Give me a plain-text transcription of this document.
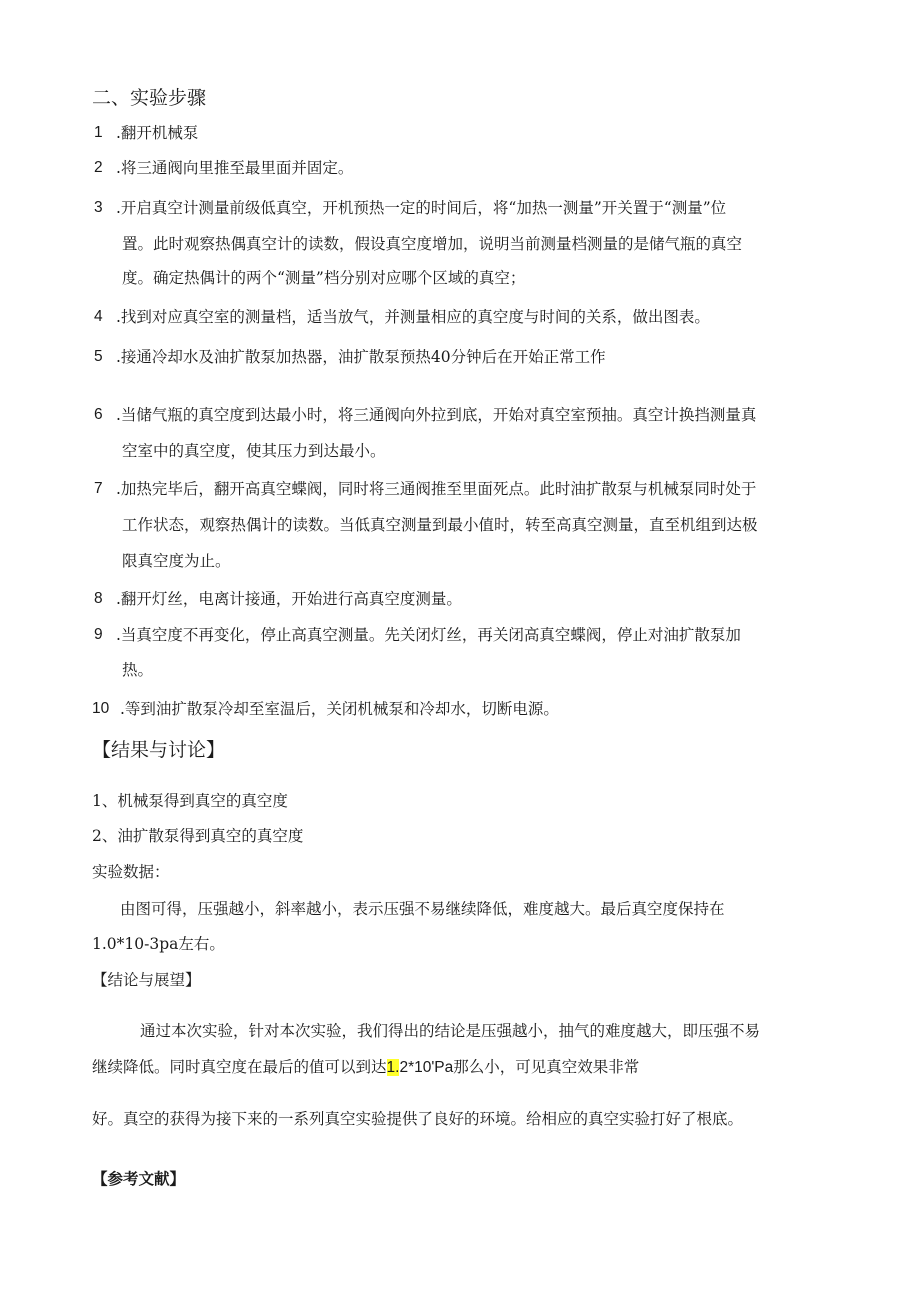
二、实验步骤
1 .翻开机械泵
2 .将三通阀向里推至最里面并固定。
3 .开启真空计测量前级低真空，开机预热一定的时间后，将“加热一测量”开关置于“测量”位
置。此时观察热偶真空计的读数，假设真空度增加，说明当前测量档测量的是储气瓶的真空
度。确定热偶计的两个“测量”档分别对应哪个区域的真空；
4 .找到对应真空室的测量档，适当放气，并测量相应的真空度与时间的关系，做出图表。
5 .接通冷却水及油扩散泵加热器，油扩散泵预热40分钟后在开始正常工作
6 .当储气瓶的真空度到达最小时，将三通阀向外拉到底，开始对真空室预抽。真空计换挡测量真
空室中的真空度，使其压力到达最小。
7 .加热完毕后，翻开高真空蝶阀，同时将三通阀推至里面死点。此时油扩散泵与机械泵同时处于
工作状态，观察热偶计的读数。当低真空测量到最小值时，转至高真空测量，直至机组到达极
限真空度为止。
8 .翻开灯丝，电离计接通，开始进行高真空度测量。
9 .当真空度不再变化，停止高真空测量。先关闭灯丝，再关闭高真空蝶阀，停止对油扩散泵加
热。
10 .等到油扩散泵冷却至室温后，关闭机械泵和冷却水，切断电源。
【结果与讨论】
1、机械泵得到真空的真空度
2、油扩散泵得到真空的真空度
实验数据：
由图可得，压强越小，斜率越小，表示压强不易继续降低，难度越大。最后真空度保持在
1.0*10-3pa左右。
【结论与展望】
通过本次实验，针对本次实验，我们得出的结论是压强越小，抽气的难度越大，即压强不易
继续降低。同时真空度在最后的值可以到达1.2*10'Pa那么小，可见真空效果非常
好。真空的获得为接下来的一系列真空实验提供了良好的环境。给相应的真空实验打好了根底。
【参考文献】
